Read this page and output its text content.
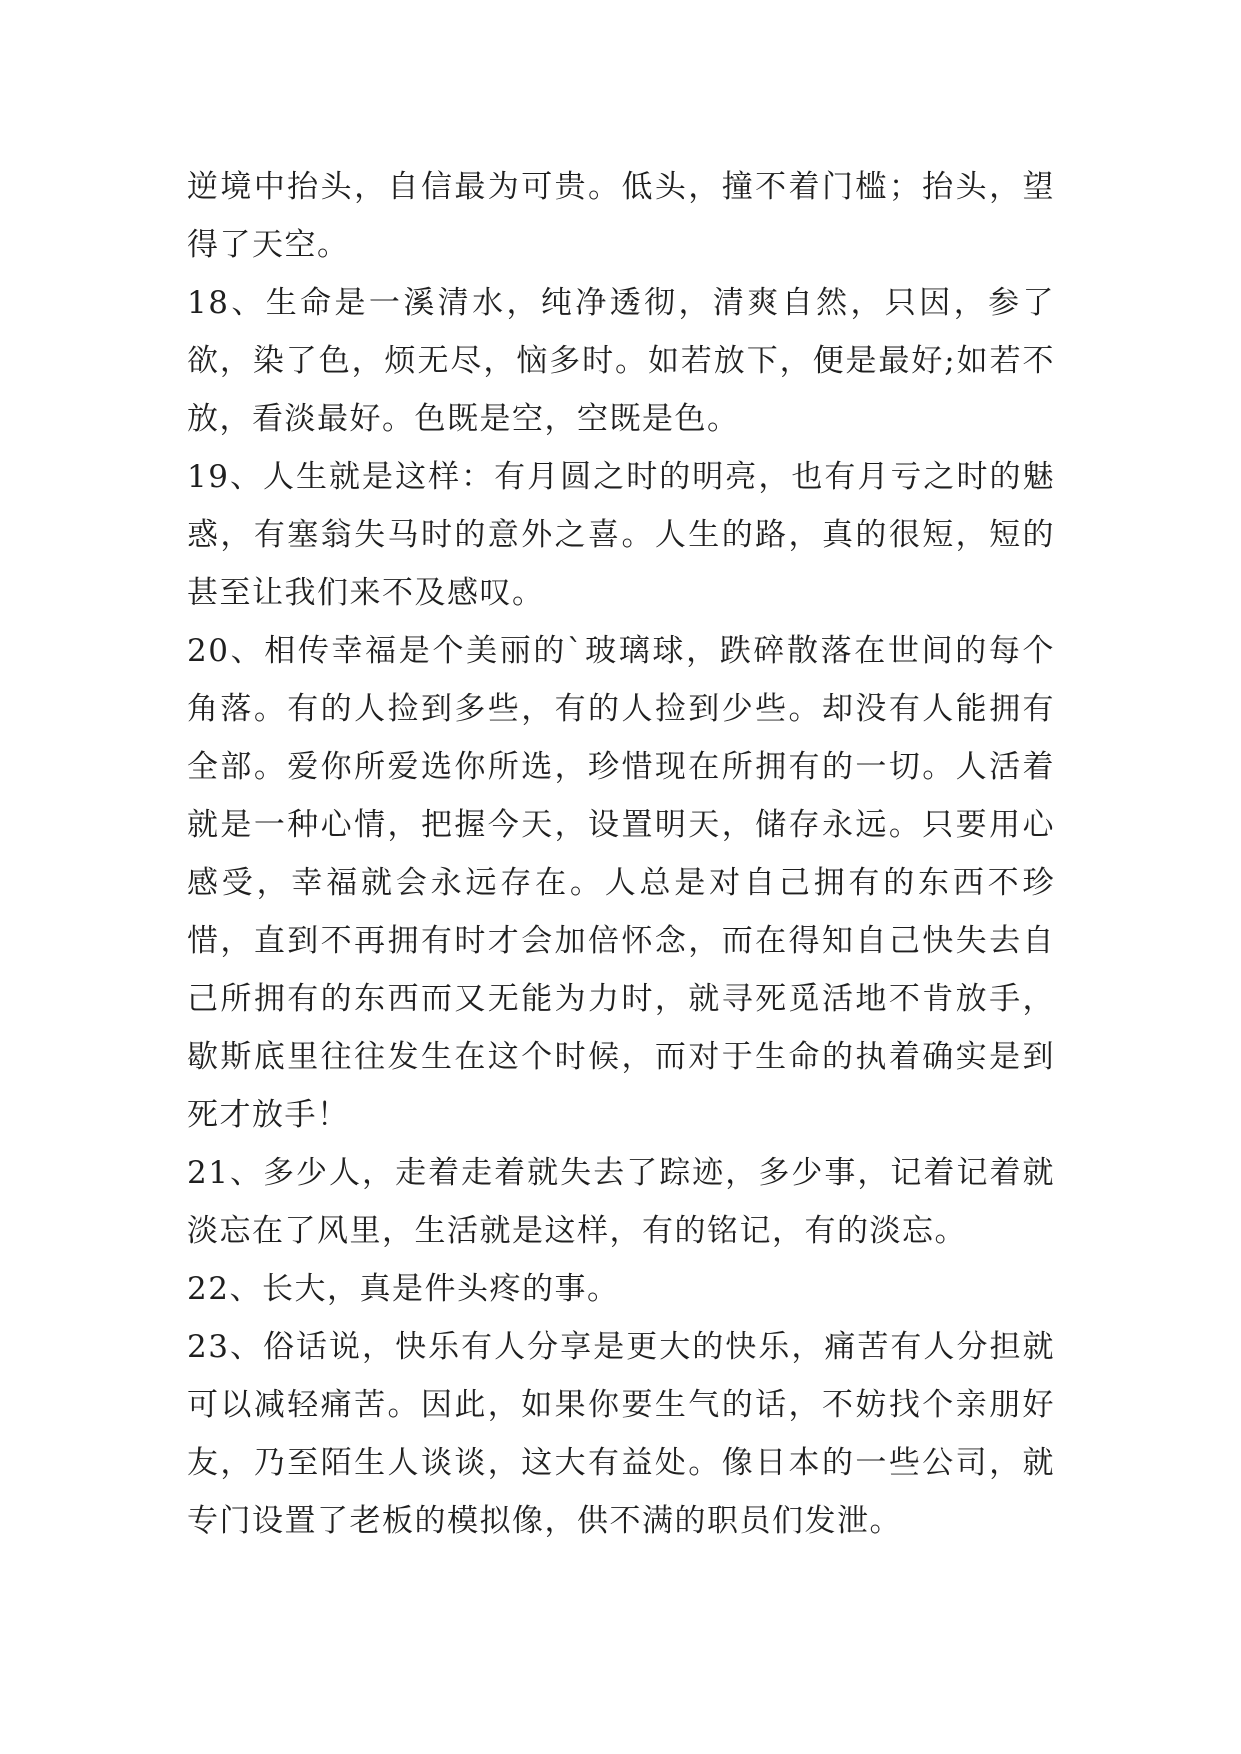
逆境中抬头，自信最为可贵。低头，撞不着门槛；抬头，望得了天空。

18、生命是一溪清水，纯净透彻，清爽自然，只因，参了欲，染了色，烦无尽，恼多时。如若放下，便是最好;如若不放，看淡最好。色既是空，空既是色。

19、人生就是这样：有月圆之时的明亮，也有月亏之时的魅惑，有塞翁失马时的意外之喜。人生的路，真的很短，短的甚至让我们来不及感叹。

20、相传幸福是个美丽的`玻璃球，跌碎散落在世间的每个角落。有的人捡到多些，有的人捡到少些。却没有人能拥有全部。爱你所爱选你所选，珍惜现在所拥有的一切。人活着就是一种心情，把握今天，设置明天，储存永远。只要用心感受，幸福就会永远存在。人总是对自己拥有的东西不珍惜，直到不再拥有时才会加倍怀念，而在得知自己快失去自己所拥有的东西而又无能为力时，就寻死觅活地不肯放手，歇斯底里往往发生在这个时候，而对于生命的执着确实是到死才放手！

21、多少人，走着走着就失去了踪迹，多少事，记着记着就淡忘在了风里，生活就是这样，有的铭记，有的淡忘。

22、长大，真是件头疼的事。

23、俗话说，快乐有人分享是更大的快乐，痛苦有人分担就可以减轻痛苦。因此，如果你要生气的话，不妨找个亲朋好友，乃至陌生人谈谈，这大有益处。像日本的一些公司，就专门设置了老板的模拟像，供不满的职员们发泄。
